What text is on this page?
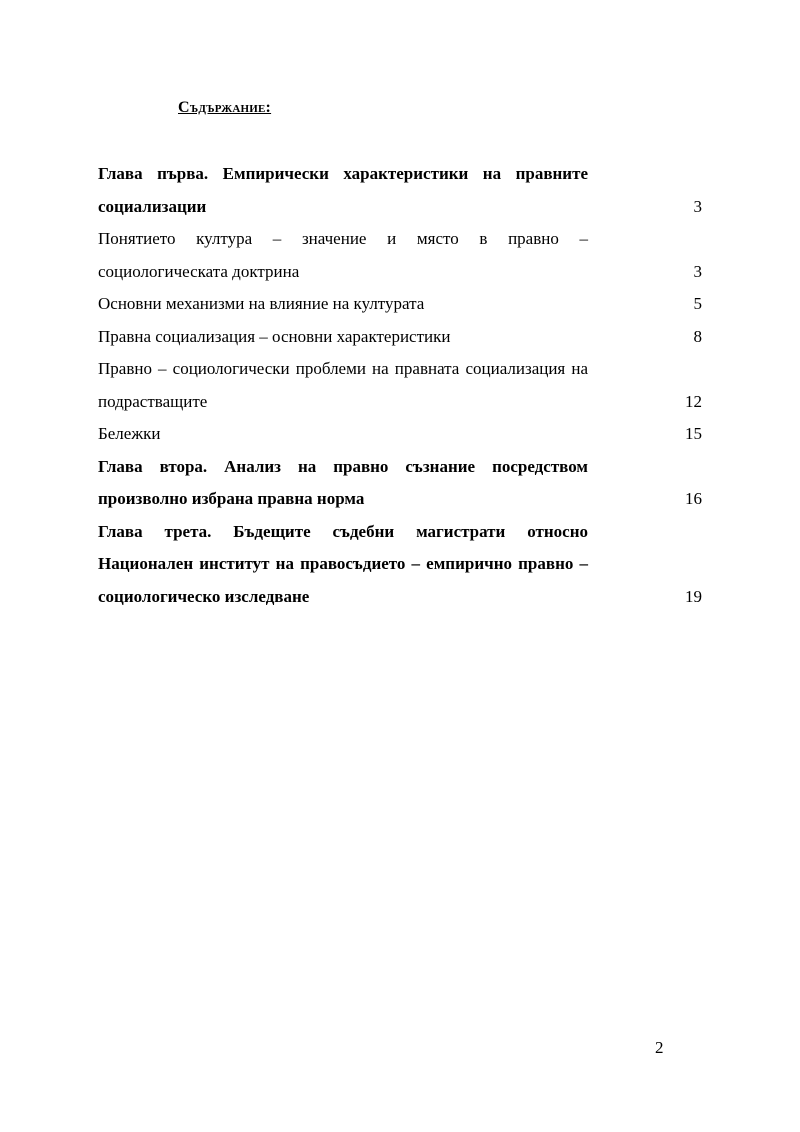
Съдържание:
Глава първа. Емпирически характеристики на правните социализации	3
Понятието култура – значение и място в правно – социологическата доктрина	3
Основни механизми на влияние на културата	5
Правна социализация – основни характеристики	8
Правно – социологически проблеми на правната социализация на подрастващите	12
Бележки	15
Глава втора. Анализ на правно съзнание посредством произволно избрана правна норма	16
Глава трета. Бъдещите съдебни магистрати относно Национален институт на правосъдието – емпирично правно – социологическо изследване	19
2
